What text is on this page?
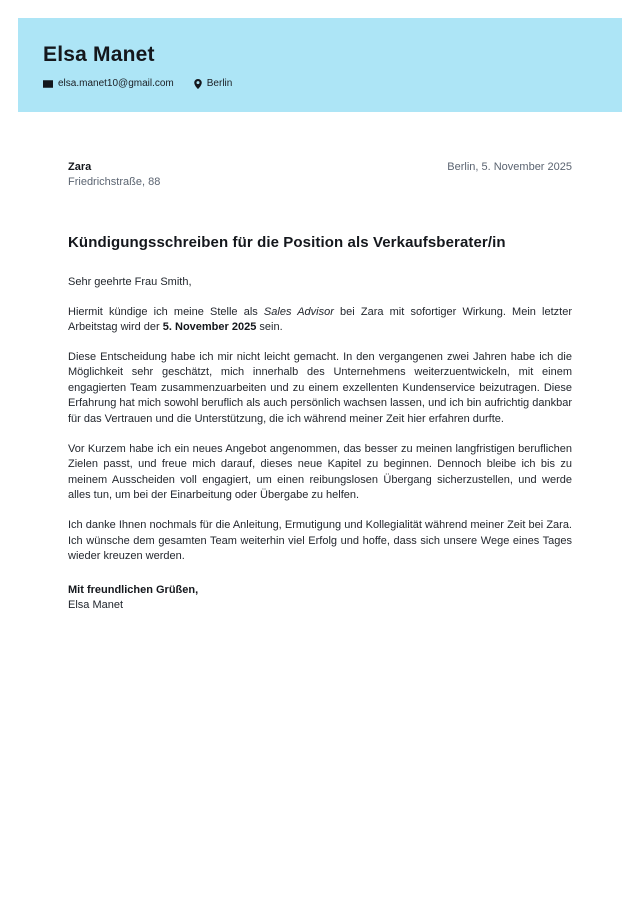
Elsa Manet
elsa.manet10@gmail.com	Berlin
Zara
Friedrichstraße, 88
Berlin, 5. November 2025
Kündigungsschreiben für die Position als Verkaufsberater/in

Sehr geehrte Frau Smith,

Hiermit kündige ich meine Stelle als Sales Advisor bei Zara mit sofortiger Wirkung. Mein letzter Arbeitstag wird der 5. November 2025 sein.

Diese Entscheidung habe ich mir nicht leicht gemacht. In den vergangenen zwei Jahren habe ich die Möglichkeit sehr geschätzt, mich innerhalb des Unternehmens weiterzuentwickeln, mit einem engagierten Team zusammenzuarbeiten und zu einem exzellenten Kundenservice beizutragen. Diese Erfahrung hat mich sowohl beruflich als auch persönlich wachsen lassen, und ich bin aufrichtig dankbar für das Vertrauen und die Unterstützung, die ich während meiner Zeit hier erfahren durfte.

Vor Kurzem habe ich ein neues Angebot angenommen, das besser zu meinen langfristigen beruflichen Zielen passt, und freue mich darauf, dieses neue Kapitel zu beginnen. Dennoch bleibe ich bis zu meinem Ausscheiden voll engagiert, um einen reibungslosen Übergang sicherzustellen, und werde alles tun, um bei der Einarbeitung oder Übergabe zu helfen.

Ich danke Ihnen nochmals für die Anleitung, Ermutigung und Kollegialität während meiner Zeit bei Zara. Ich wünsche dem gesamten Team weiterhin viel Erfolg und hoffe, dass sich unsere Wege eines Tages wieder kreuzen werden.

Mit freundlichen Grüßen,

Elsa Manet
